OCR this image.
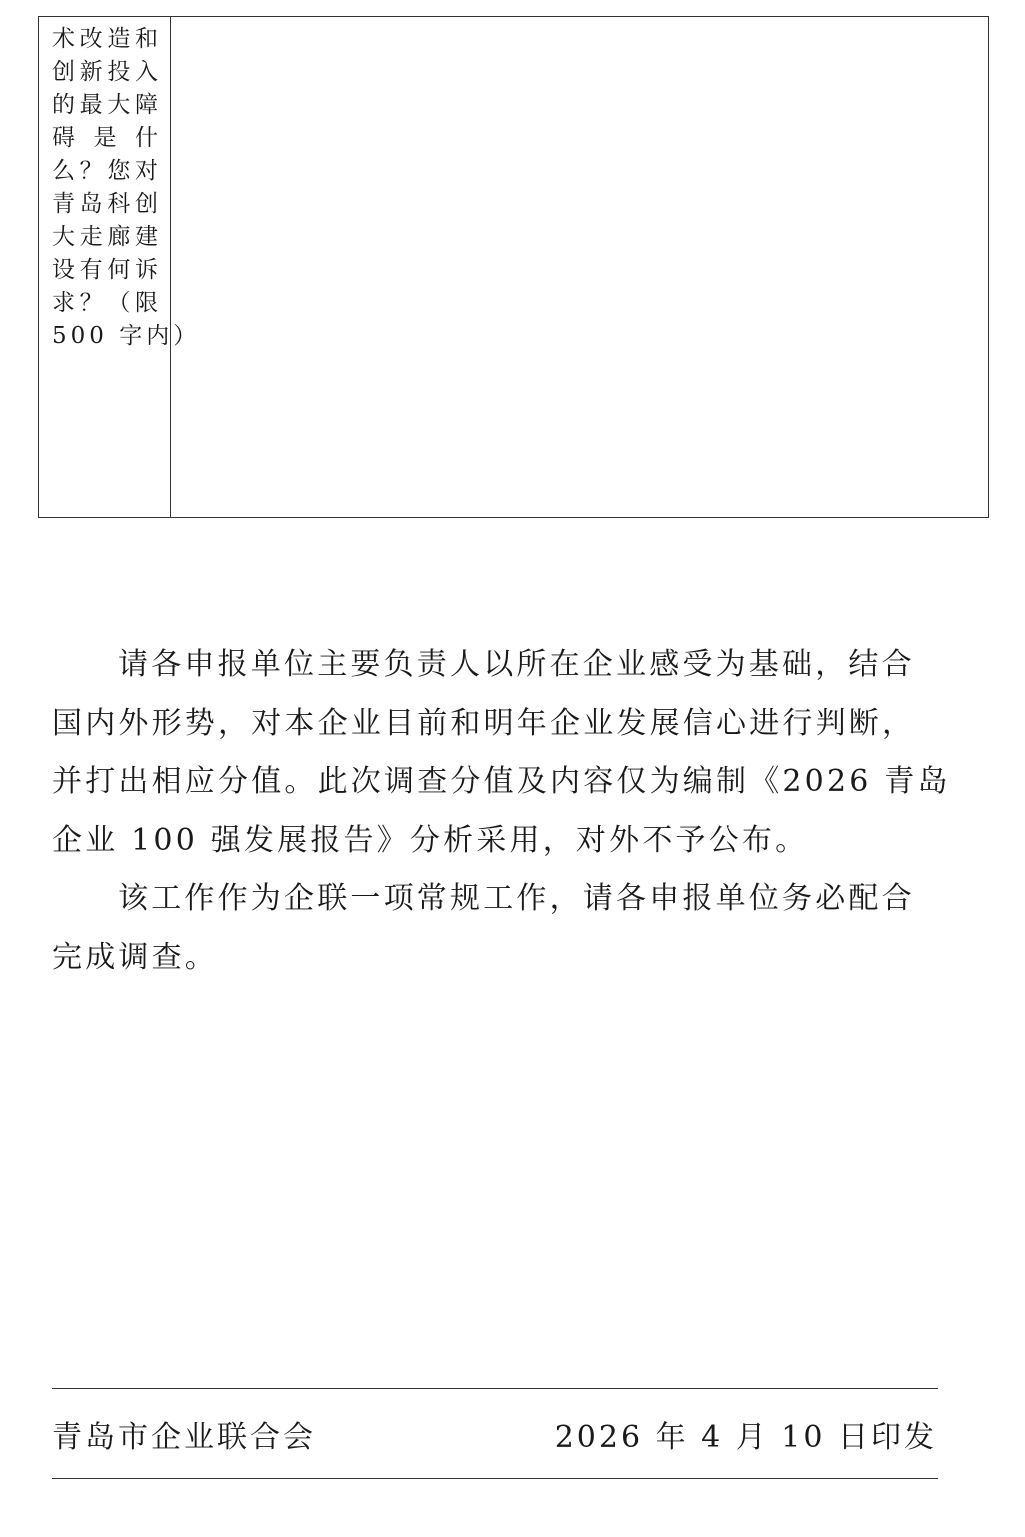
术改造和
创新投入
的最大障
碍 是 什
么？您对
青岛科创
大走廊建
设有何诉
求？（限
500 字内）

请各申报单位主要负责人以所在企业感受为基础，结合
国内外形势，对本企业目前和明年企业发展信心进行判断，
并打出相应分值。此次调查分值及内容仅为编制《2026 青岛
企业 100 强发展报告》分析采用，对外不予公布。

该工作作为企联一项常规工作，请各申报单位务必配合
完成调查。

青岛市企业联合会	2026 年 4 月 10 日印发
